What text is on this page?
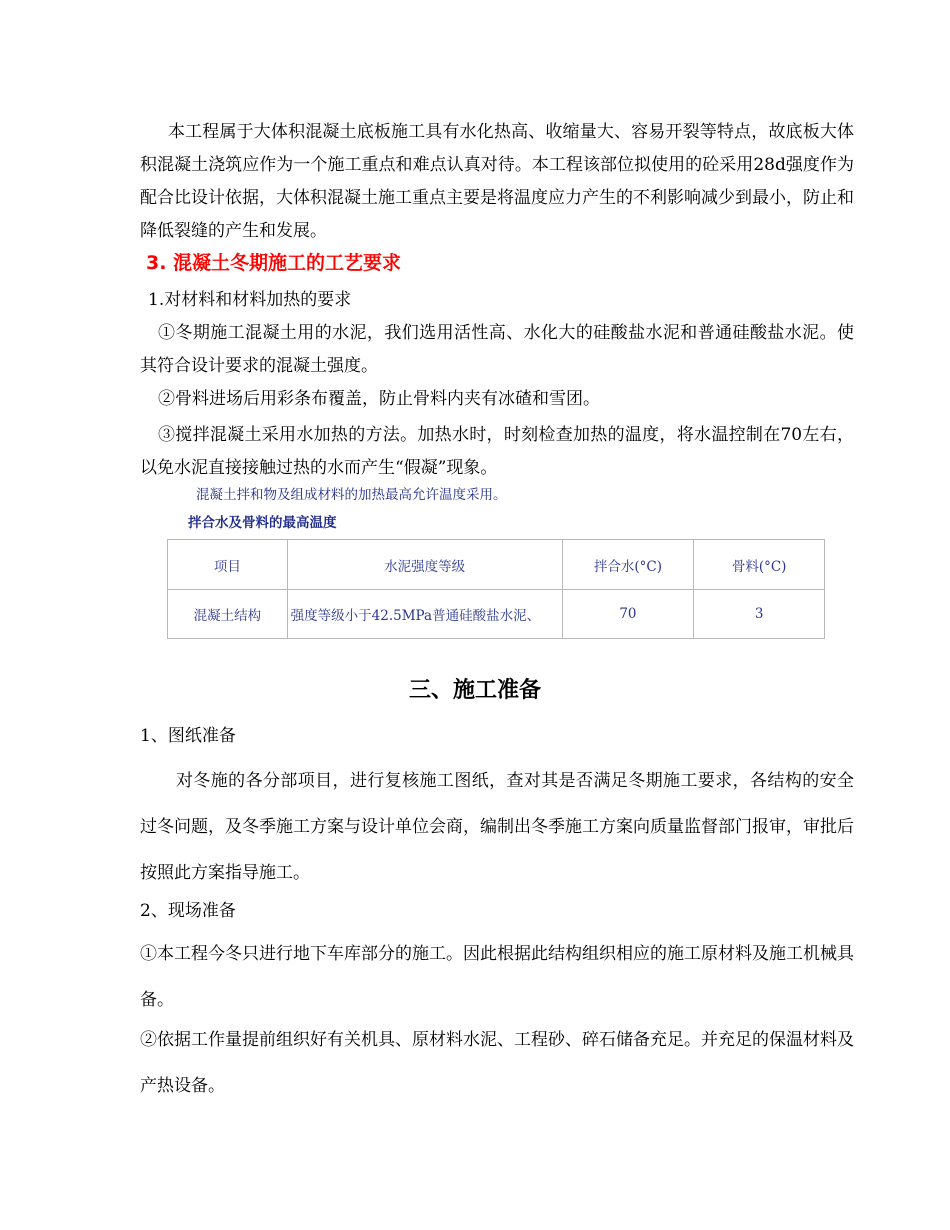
本工程属于大体积混凝土底板施工具有水化热高、收缩量大、容易开裂等特点，故底板大体积混凝土浇筑应作为一个施工重点和难点认真对待。本工程该部位拟使用的砼采用28d强度作为配合比设计依据，大体积混凝土施工重点主要是将温度应力产生的不利影响减少到最小，防止和降低裂缝的产生和发展。

3. 混凝土冬期施工的工艺要求

1.对材料和材料加热的要求

①冬期施工混凝土用的水泥，我们选用活性高、水化大的硅酸盐水泥和普通硅酸盐水泥。使其符合设计要求的混凝土强度。

②骨料进场后用彩条布覆盖，防止骨料内夹有冰碴和雪团。

③搅拌混凝土采用水加热的方法。加热水时，时刻检查加热的温度，将水温控制在70左右，以免水泥直接接触过热的水而产生“假凝”现象。

混凝土拌和物及组成材料的加热最高允许温度采用。

拌合水及骨料的最高温度

项目	水泥强度等级	拌合水(°C)	骨料(°C)
混凝土结构	强度等级小于42.5MPa普通硅酸盐水泥、	70	3

三、施工准备

1、图纸准备

对冬施的各分部项目，进行复核施工图纸，查对其是否满足冬期施工要求，各结构的安全过冬问题，及冬季施工方案与设计单位会商，编制出冬季施工方案向质量监督部门报审，审批后按照此方案指导施工。

2、现场准备

①本工程今冬只进行地下车库部分的施工。因此根据此结构组织相应的施工原材料及施工机械具备。

②依据工作量提前组织好有关机具、原材料水泥、工程砂、碎石储备充足。并充足的保温材料及产热设备。
